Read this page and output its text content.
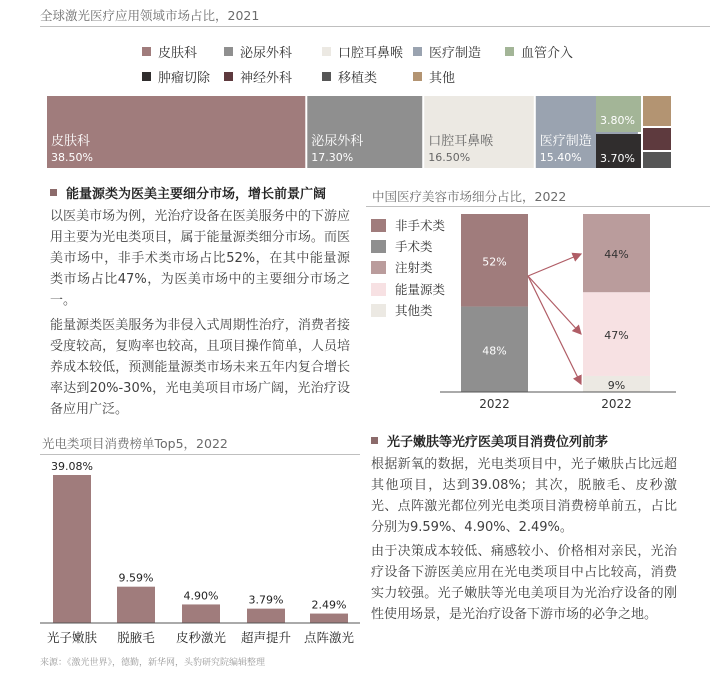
全球激光医疗应用领域市场占比，2021
皮肤科	泌尿外科	口腔耳鼻喉 医疗制造	血管介入
肿瘤切除 神经外科	移植类	其他
皮肤科
38.50%
泌尿外科
17.30%
口腔耳鼻喉
16.50%
医疗制造
15.40%
3.80%
3.70%
能量源类为医美主要细分市场，增长前景广阔
以医美市场为例，光治疗设备在医美服务中的下游应用主要为光电类项目，属于能量源类细分市场。而医美市场中，非手术类市场占比52%，在其中能量源类市场占比47%，为医美市场中的主要细分市场之一。
能量源类医美服务为非侵入式周期性治疗，消费者接受度较高，复购率也较高，且项目操作简单，人员培养成本较低，预测能量源类市场未来五年内复合增长率达到20%-30%，光电美项目市场广阔，光治疗设备应用广泛。
中国医疗美容市场细分占比，2022
非手术类
手术类
注射类
能量源类
其他类
52%
48%
44%
47%
9%
2022	2022
光电类项目消费榜单Top5，2022
39.08%
光子嫩肤
9.59%
脱腋毛
4.90%
皮秒激光
3.79%
超声提升
2.49%
点阵激光
光子嫩肤等光疗医美项目消费位列前茅
根据新氧的数据，光电类项目中，光子嫩肤占比远超其他项目，达到39.08%；其次，脱腋毛、皮秒激光、点阵激光都位列光电类项目消费榜单前五，占比分别为9.59%、4.90%、2.49%。
由于决策成本较低、痛感较小、价格相对亲民，光治疗设备下游医美应用在光电类项目中占比较高，消费实力较强。光子嫩肤等光电美项目为光治疗设备的刚性使用场景，是光治疗设备下游市场的必争之地。
来源：《激光世界》，德勤，新华网，头豹研究院编辑整理
